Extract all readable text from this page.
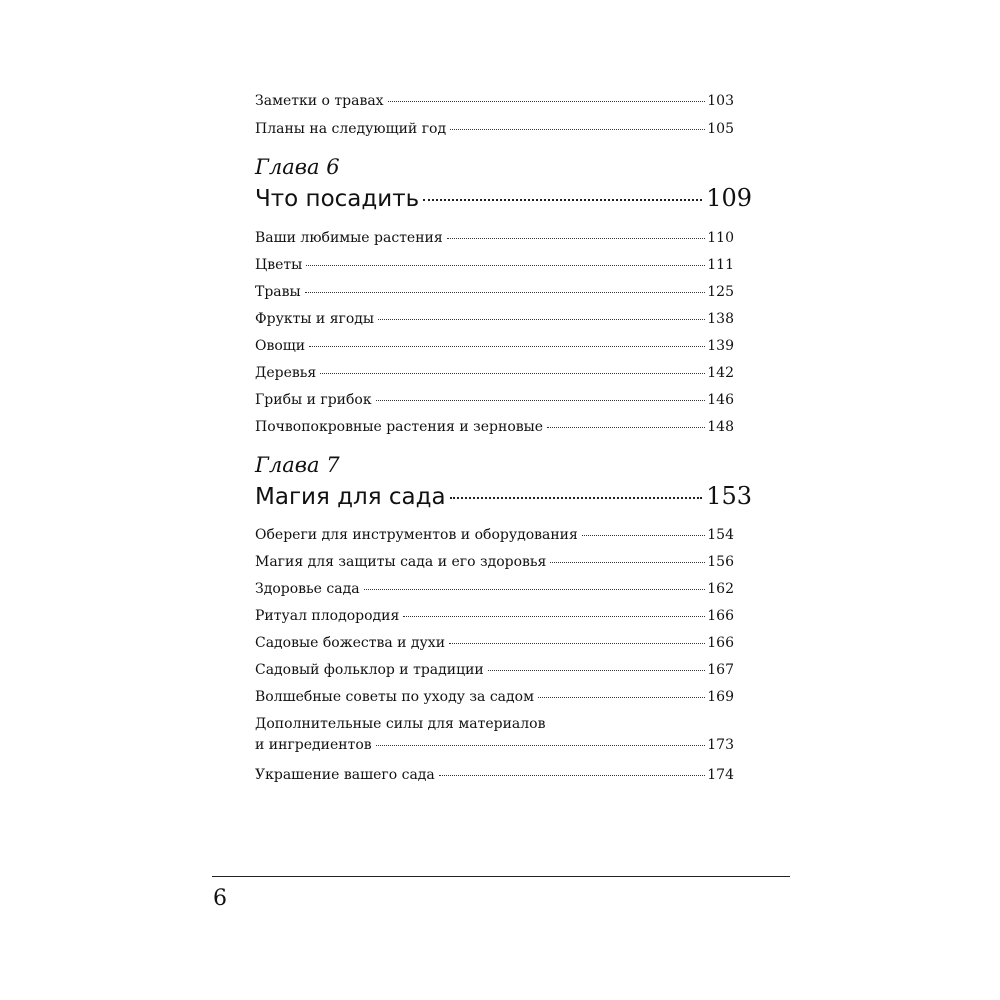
Заметки о травах	103
Планы на следующий год	105
Глава 6
Что посадить	109
Ваши любимые растения	110
Цветы	111
Травы	125
Фрукты и ягоды	138
Овощи	139
Деревья	142
Грибы и грибок	146
Почвопокровные растения и зерновые	148
Глава 7
Магия для сада	153
Обереги для инструментов и оборудования	154
Магия для защиты сада и его здоровья	156
Здоровье сада	162
Ритуал плодородия	166
Садовые божества и духи	166
Садовый фольклор и традиции	167
Волшебные советы по уходу за садом	169
Дополнительные силы для материалов
и ингредиентов	173
Украшение вашего сада	174
6
